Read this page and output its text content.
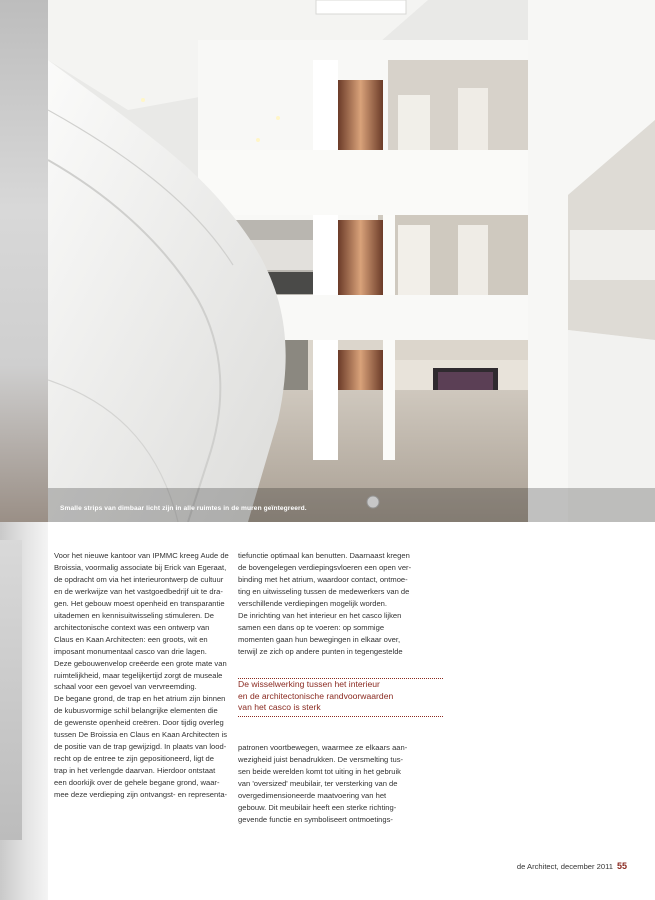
Smalle strips van dimbaar licht zijn in alle ruimtes in de muren geïntegreerd.

Voor het nieuwe kantoor van IPMMC kreeg Aude de

Broissia, voormalig associate bij Erick van Egeraat,

de opdracht om via het interieurontwerp de cultuur

en de werkwijze van het vastgoedbedrijf uit te dra-

gen. Het gebouw moest openheid en transparantie

uitademen en kennisuitwisseling stimuleren. De

architectonische context was een ontwerp van

Claus en Kaan Architecten: een groots, wit en

imposant monumentaal casco van drie lagen.

Deze gebouwenvelop creëerde een grote mate van

ruimtelijkheid, maar tegelijkertijd zorgt de museale

schaal voor een gevoel van vervreemding.

De begane grond, de trap en het atrium zijn binnen

de kubusvormige schil belangrijke elementen die

de gewenste openheid creëren. Door tijdig overleg

tussen De Broissia en Claus en Kaan Architecten is

de positie van de trap gewijzigd. In plaats van lood-

recht op de entree te zijn gepositioneerd, ligt de

trap in het verlengde daarvan. Hierdoor ontstaat

een doorkijk over de gehele begane grond, waar-

mee deze verdieping zijn ontvangst- en representa-

tiefunctie optimaal kan benutten. Daarnaast kregen

de bovengelegen verdiepingsvloeren een open ver-

binding met het atrium, waardoor contact, ontmoe-

ting en uitwisseling tussen de medewerkers van de

verschillende verdiepingen mogelijk worden.

De inrichting van het interieur en het casco lijken

samen een dans op te voeren: op sommige

momenten gaan hun bewegingen in elkaar over,

terwijl ze zich op andere punten in tegengestelde

De wisselwerking tussen het interieur

en de architectonische randvoorwaarden

van het casco is sterk

patronen voortbewegen, waarmee ze elkaars aan-

wezigheid juist benadrukken. De versmelting tus-

sen beide werelden komt tot uiting in het gebruik

van 'oversized' meubilair, ter versterking van de

overgedimensioneerde maatvoering van het

gebouw. Dit meubilair heeft een sterke richting-

gevende functie en symboliseert ontmoetings-

de Architect, december 2011 55
